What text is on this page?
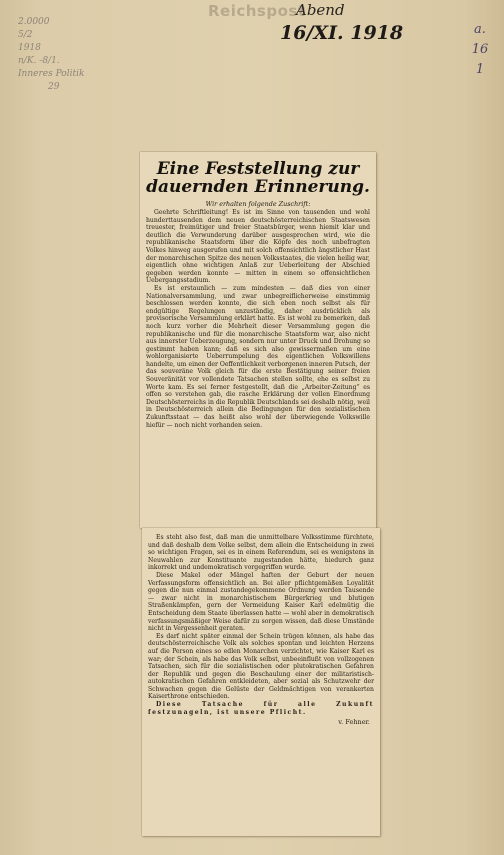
Reichspost
Abend
16/XI. 1918
2.0000
5/2
1918
n/K. -8/1.
Inneres Politik
29
a.
16
1
Eine Feststellung zur dauernden Erinnerung.
Wir erhalten folgende Zuschrift:

Geehrte Schriftleitung! Es ist im Sinne von tausenden und wohl hunderttausenden dem neuen deutschösterreichischen Staatswesen treuester, freimütiger und freier Staatsbürger, wenn hiemit klar und deutlich die Verwunderung darüber ausgesprochen wird, wie die republikanische Staatsform über die Köpfe des noch unbefragten Volkes hinweg ausgerufen und mit solch offensichtlich ängstlicher Hast der monarchischen Spitze des neuen Volksstaates, die vielen heilig war, eigentlich ohne wichtigen Anlaß zur Ueberleitung der Abschied gegeben werden konnte — mitten in einem so offensichtlichen Uebergangsstadium.

Es ist erstaunlich — zum mindesten — daß dies von einer Nationalversammlung, und zwar unbegreiflicherweise einstimmig beschlossen werden konnte, die sich eben noch selbst als für endgültige Regelungen unzuständig, daher ausdrücklich als provisorische Versammlung erklärt hatte. Es ist wohl zu bemerken, daß noch kurz vorher die Mehrheit dieser Versammlung gegen die republikanische und für die monarchische Staatsform war, also nicht aus innerster Ueberzeugung, sondern nur unter Druck und Drohung so gestimmt haben kann; daß es sich also gewissermaßen um eine wohlorganisierte Ueberrumpelung des eigentlichen Volkswillens handelte, um einen der Oeffentlichkeit verborgenen inneren Putsch, der das souveräne Volk gleich für die erste Bestätigung seiner freien Souveränität vor vollendete Tatsachen stellen sollte, ehe es selbst zu Worte kam. Es sei ferner festgestellt, daß die „Arbeiter-Zeitung“ es offen so verstehen gab, die rasche Erklärung der vollen Einordnung Deutschösterreichs in die Republik Deutschlands sei deshalb nötig, weil in Deutschösterreich allein die Bedingungen für den sozialistischen Zukunftsstaat — das heißt also wohl der überwiegende Volkswille hiefür — noch nicht vorhanden seien.

Es steht also fest, daß man die unmittelbare Volksstimme fürchtete, und daß deshalb dem Volke selbst, dem allein die Entscheidung in zwei so wichtigen Fragen, sei es in einem Referendum, sei es wenigstens in Neuwahlen zur Konstituante zugestanden hätte, hiedurch ganz inkorrekt und undemokratisch vorgegriffen wurde.

Diese Makel oder Mängel haften der Geburt der neuen Verfassungsform offensichtlich an. Bei aller pflichtgemäßen Loyalität gegen die nun einmal zustandegekommene Ordnung werden Tausende — zwar nicht in monarchistischem Bürgerkrieg und blutigen Straßenkämpfen, gern der Vermeidung Kaiser Karl edelmütig die Entscheidung dem Staate überlassen hatte — wohl aber in demokratisch verfassungsmäßiger Weise dafür zu sorgen wissen, daß diese Umstände nicht in Vergessenheit geraten.

Es darf nicht später einmal der Schein trügen können, als habe das deutschösterreichische Volk als solches spontan und leichten Herzens auf die Person eines so edlen Monarchen verzichtet, wie Kaiser Karl es war; der Schein, als habe das Volk selbst, unbeeinflußt von vollzogenen Tatsachen, sich für die sozialistischen oder plutokratischen Gefahren der Republik und gegen die Beschaulung einer der militaristisch-autokratischen Gefahren entkleideten, aber sozial als Schutzwehr der Schwachen gegen die Gelüste der Geldmächtigen von verankerten Kaiserthrone entschieden.

Diese Tatsache für alle Zukunft festzunageln, ist unsere Pflicht.

v. Fehner.
